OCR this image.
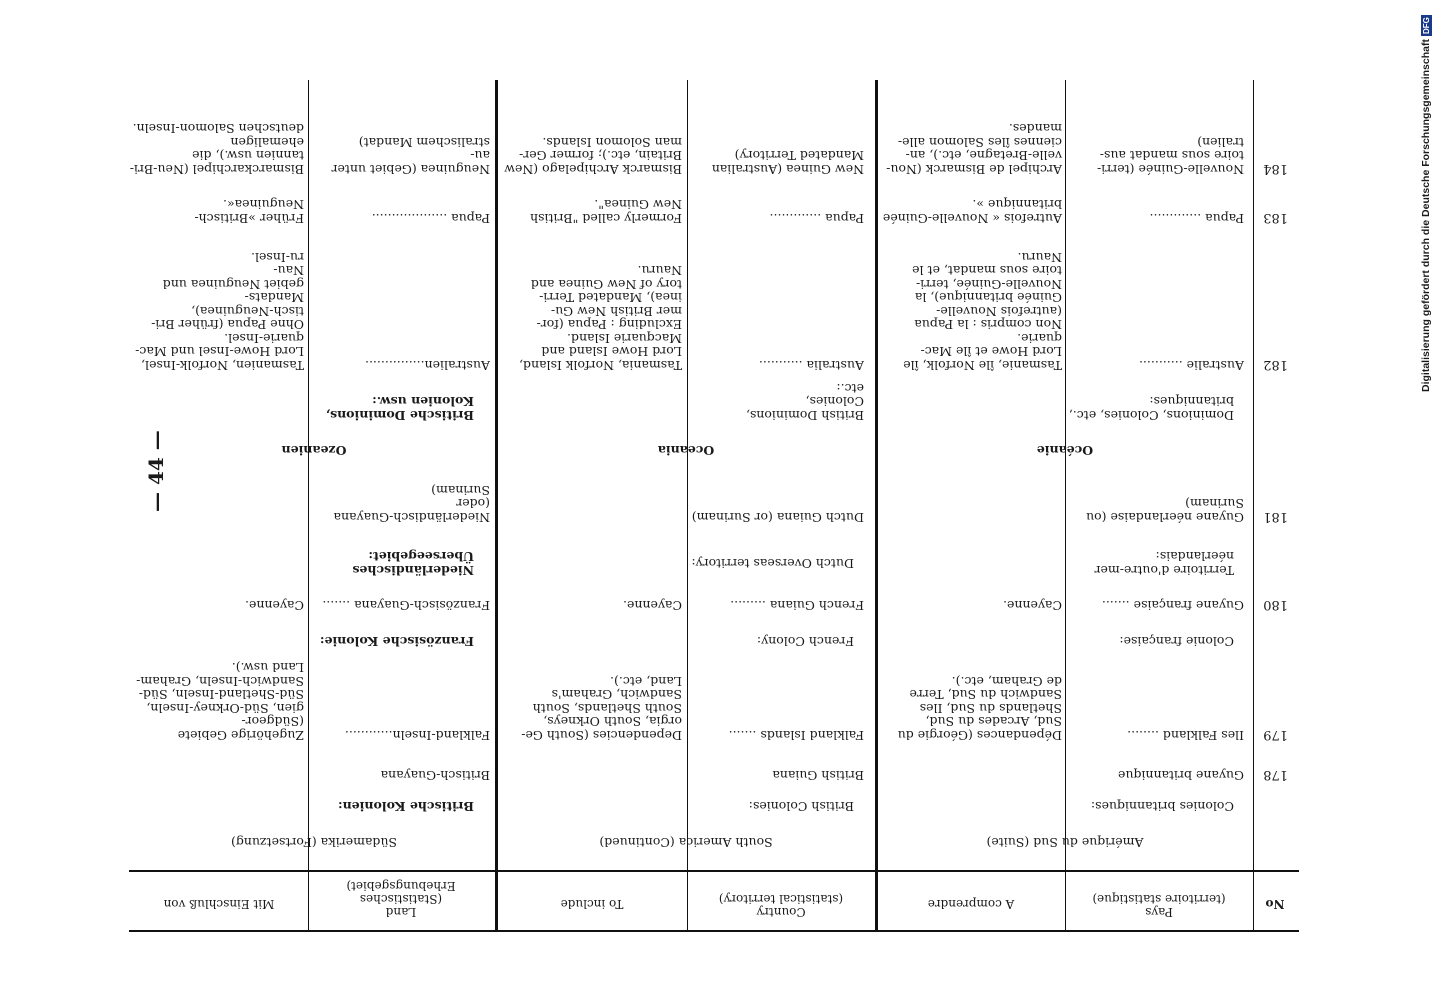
No
Pays
(territoire statistique)
A comprendre
Country
(statistical territory)
To include
Land
(Statistisches Erhebungsgebiet)
Mit Einschluß von
Amérique du Sud (Suite)
South America (Continued)
Südamerika (Fortsetzung)
Colonies britanniques:
British Colonies:
Britische Kolonien:
178
Guyane britannique
British Guiana
Britisch-Guayana
179
Iles Falkland ........
Dépendances (Géorgie du
Sud, Arcades du Sud,
Shetlands du Sud, Iles
Sandwich du Sud, Terre
de Graham, etc.).
Falkland Islands .......
Dependencies (South Ge-
orgia, South Orkneys,
South Shetlands, South
Sandwich, Graham's
Land, etc.).
Falkland-Inseln............
Zugehörige Gebiete (Südgeor-
gien, Süd-Orkney-Inseln,
Süd-Shetland-Inseln, Süd-
Sandwich-Inseln, Graham-
Land usw.).
Colonie française:
French Colony:
Französische Kolonie:
180
Guyane française .......
Cayenne.
French Guiana .........
Cayenne.
Französisch-Guayana .......
Cayenne.
Territoire d'outre-mer
néerlandais:
Dutch Overseas territory:
Niederländisches Überseegebiet:
181
Guyane néerlandaise (ou
Surinam)
Dutch Guiana (or Surinam)
Niederländisch-Guayana (oder
Surinam)
Océanie
Oceania
Ozeanien
Dominions, Colonies, etc.,
britanniques:
British Dominions, Colonies,
etc.:
Britische Dominions,
Kolonien usw.:
182
Australie ...........
Tasmanie, île Norfolk, île
Lord Howe et île Mac-
quarie.
Non compris : la Papua
(autrefois Nouvelle-
Guinée britannique), la
Nouvelle-Guinée, terri-
toire sous mandat, et le
Nauru.
Australia ...........
Tasmania, Norfolk Island,
Lord Howe Island and
Macquarie Island.
Excluding : Papua (for-
mer British New Gu-
inea), Mandated Terri-
tory of New Guinea and
Nauru.
Australien...............
Tasmanien, Norfolk-Insel,
Lord Howe-Insel und Mac-
quarie-Insel.
Ohne Papua (früher Bri-
tisch-Neuguinea), Mandats-
gebiet Neuguinea und Nau-
ru-Insel.
183
Papua .............
Autrefois « Nouvelle-Guinée
britannique ».
Papua .............
Formerly called "British
New Guinea".
Papua ...................
Früher »Britisch-Neuguinea«.
184
Nouvelle-Guinée (terri-
toire sous mandat aus-
tralien)
Archipel de Bismarck (Nou-
velle-Bretagne, etc.), an-
ciennes îles Salomon alle-
mandes.
New Guinea (Australian
Mandated Territory)
Bismarck Archipelago (New
Britain, etc.); former Ger-
man Solomon Islands.
Neuguinea (Gebiet unter au-
stralischem Mandat)
Bismarckarchipel (Neu-Bri-
tannien usw.), die ehemaligen
deutschen Salomon-Inseln.
— 44 —
Digitalisierung gefördert durch die Deutsche ForschungsgemeinschaftDFG
